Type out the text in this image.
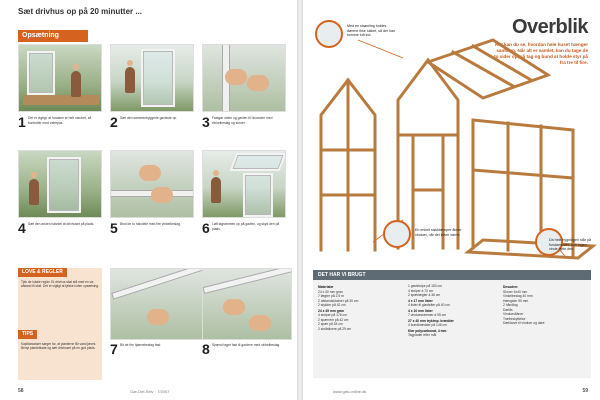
Sæt drivhus op på 20 minutter ...
Opsætning
1 Det er vigtigt, at fundaen er helt vandret, så kontrollér med vaterpas.	2 Sæt den sammenbyggede gavlside op.	3 Fastgør siden og gavlen til hinanden med vinkelbeslag og skruer.
4 Sæt den anden halvdel af drivhuset på plads.	5 Bind de to halvdele med fire vinkelbeslag.	6 Løft tagrammen op på gavlen, og skyd den på plads.
LOVE & REGLER
Tjek de lokale regler. Et drivhus skal stå med en vis afstand til skel. Det er vigtigt at tjekke inden opsætning.
TIPS
Kapillarkasser sørger for, at planterne får vand jævnt. Benyt planteblade og sæt drivhuset på en god plads. 7 Bit de fire hjørnebeslag fast.	8 Spænd taget fast til gavlene med vinkelbeslag.
58	Gør-Det-Selv · 7/2007
Overblik
Her kan du se, hvordan hele huset hænger sammen. Når alt er samlet, kan du tage de to sider op, så tag og bund at holde styr på fra tre til fire.
Med en strømling holdes dørene ikke lukket, så der kan komme luft ind.
En enkelt støddæmper åbner vinduet, når det bliver varmt.
Da hele bygningen står på fundamentet, kan ingen vinde flytte den.
DET HAR VI BRUGT
Materialer
24 x 30 mm gran
7 lægter på 2,5 m
2 afstandsklodser på 30 cm
2 stykker på 42 cm
24 x 45 mm gran
4 stolper på 176 cm
2 spærrem på 42 cm
2 spær på 54 cm
2 skråstivere på 29 cm
1 gavlstolpe på 153 cm
4 stolper à 70 cm
2 spærlægter à 36 cm
4 x 17 mm lister
4 lister til glasfelter på 40 cm
4 x 10 mm lister
7 vinduesrammer à 95 cm
27 x 40 mm trykimp. brædder
4 bundbrædder på 146 cm
Klar polycarbonat, 4 mm
Tagplader efter mål
Desuden:
Skruer 4x40 mm
Vinkelbeslag 40 mm
Hængsler 50 mm
2 håndtag
Dørlås
Vinduesåbner
Træbeskyttelse
Dækfarve til vinduer og døre
www.gds-online.dk	59
